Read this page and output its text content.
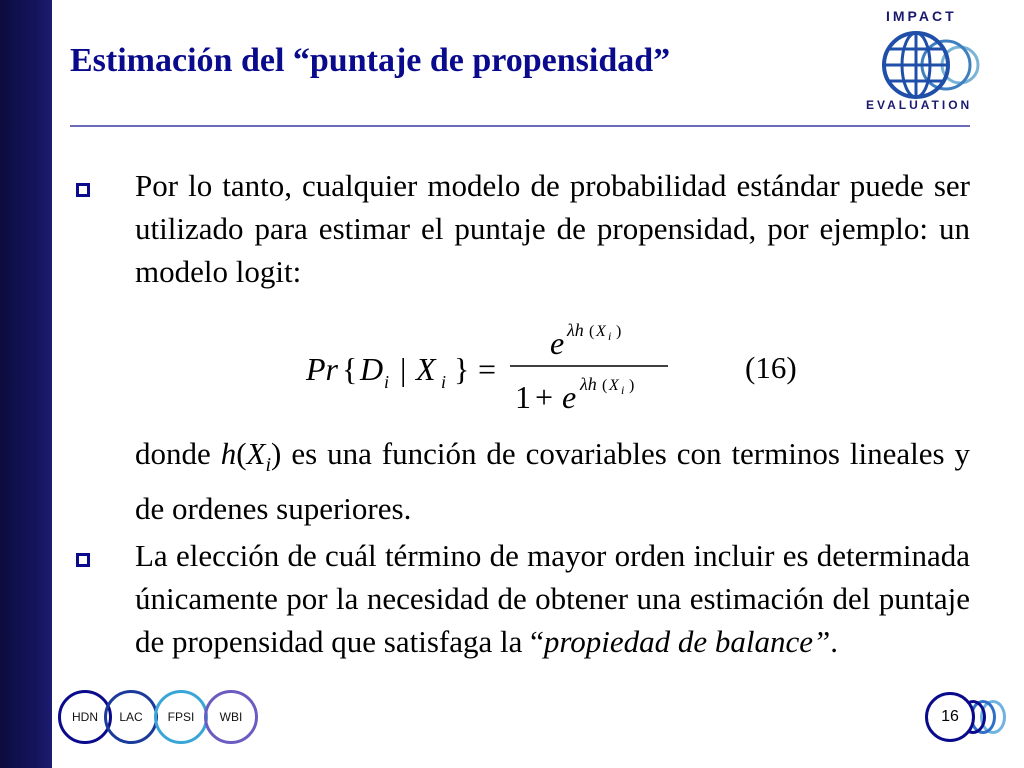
Estimación del “puntaje de propensidad”
IMPACT
EVALUATION
Por lo tanto, cualquier modelo de probabilidad estándar puede ser utilizado para estimar el puntaje de propensidad, por ejemplo: un modelo logit:
Pr { D i | X i } =
e λh ( X i )
1 + e λh ( X i )
(16)
donde $h(X_i)$ es una función de covariables con terminos lineales y de ordenes superiores.
La elección de cuál término de mayor orden incluir es determinada únicamente por la necesidad de obtener una estimación del puntaje de propensidad que satisfaga la “propiedad de balance”.
HDN	LAC	FPSI	WBI	16
